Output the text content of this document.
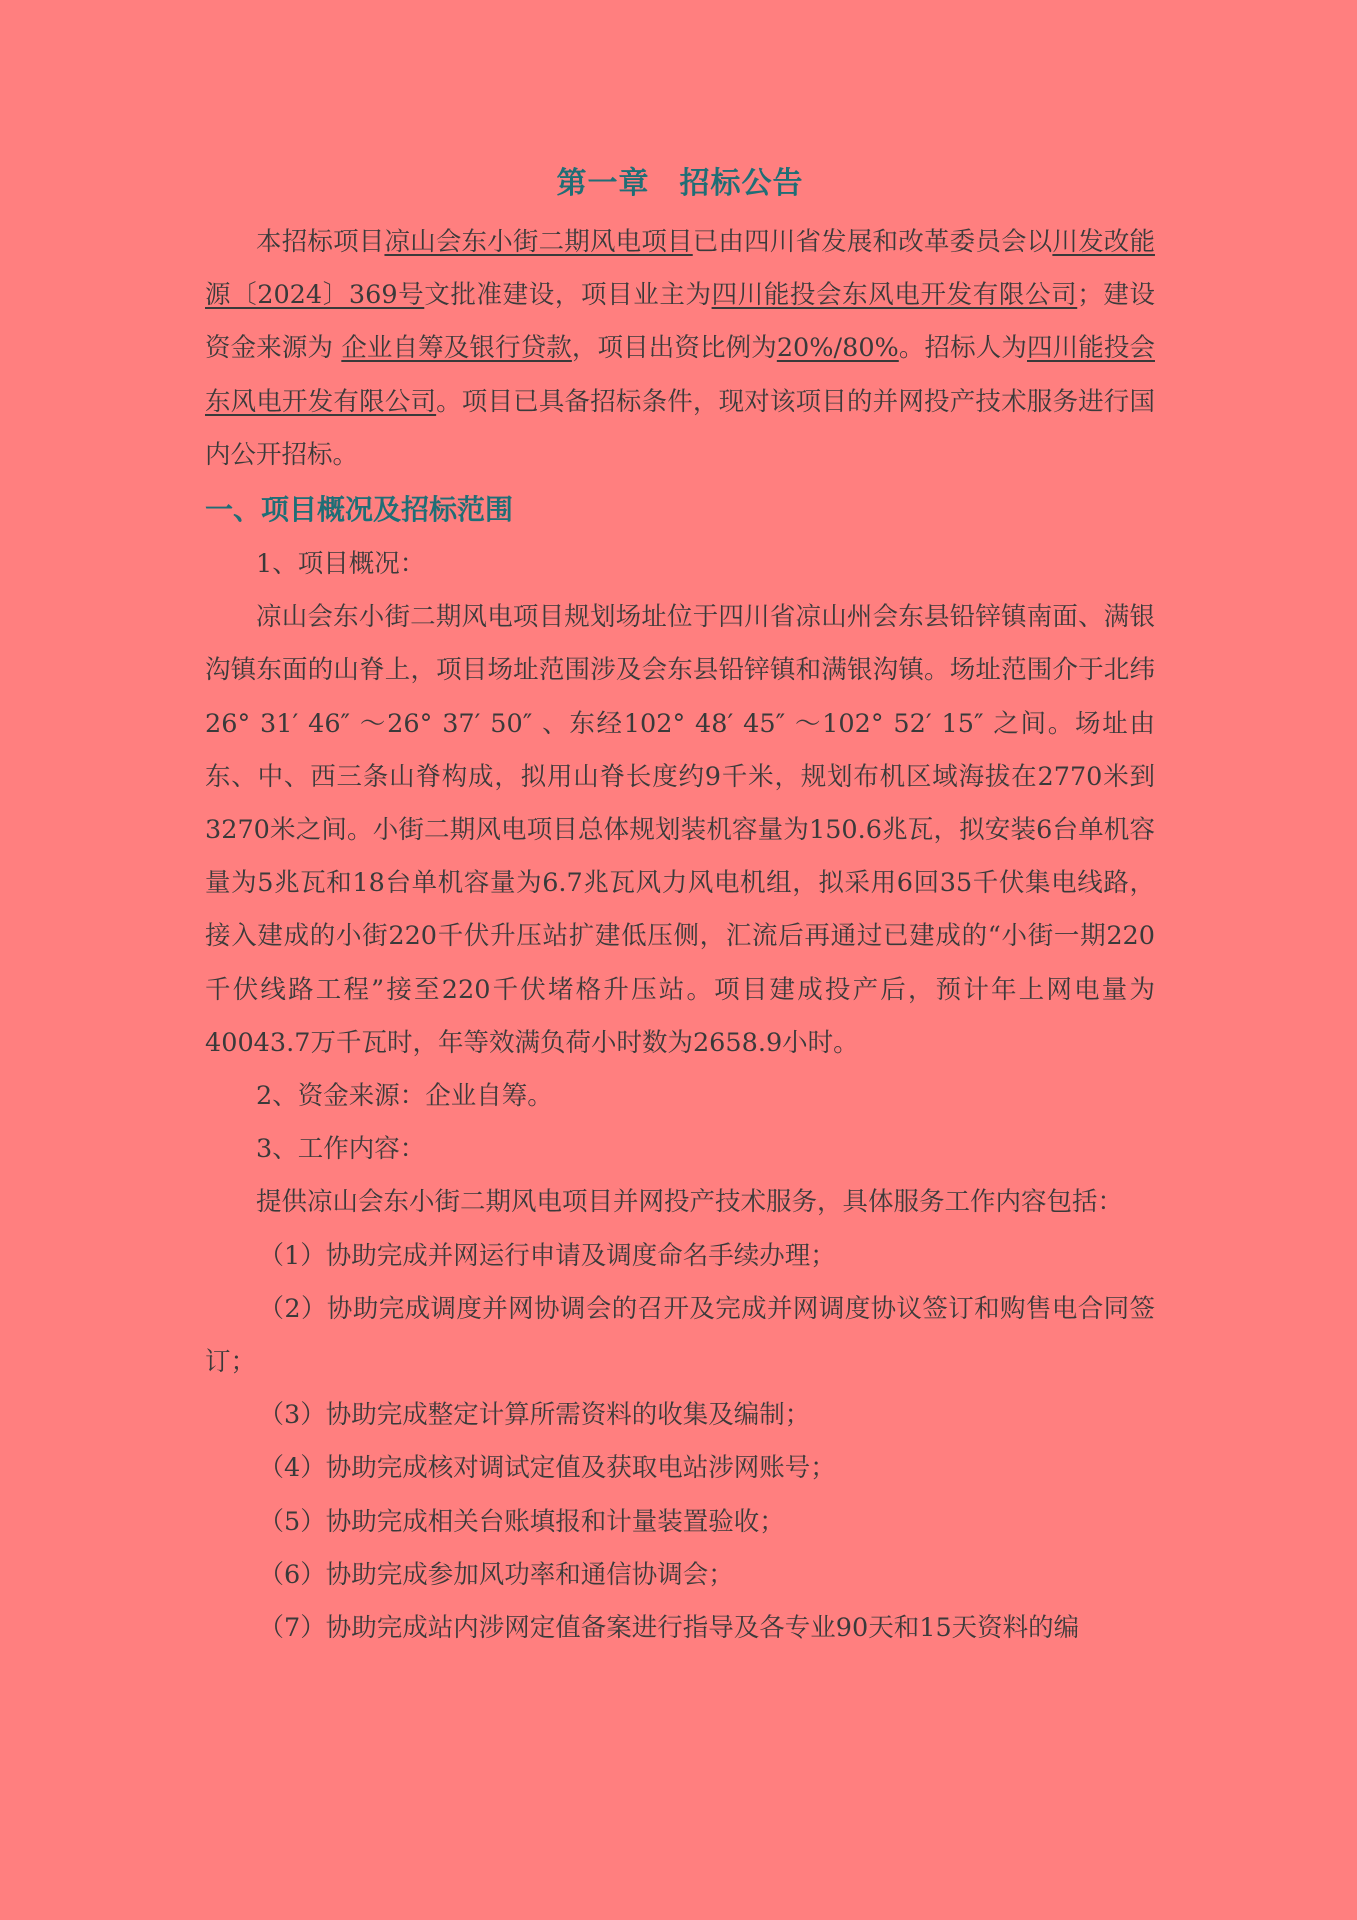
第一章 招标公告

本招标项目凉山会东小街二期风电项目已由四川省发展和改革委员会以川发改能源〔2024〕369号文批准建设，项目业主为四川能投会东风电开发有限公司；建设资金来源为 企业自筹及银行贷款，项目出资比例为20%/80%。招标人为四川能投会东风电开发有限公司。项目已具备招标条件，现对该项目的并网投产技术服务进行国内公开招标。

一、项目概况及招标范围

1、项目概况：

凉山会东小街二期风电项目规划场址位于四川省凉山州会东县铅锌镇南面、满银沟镇东面的山脊上，项目场址范围涉及会东县铅锌镇和满银沟镇。场址范围介于北纬26° 31′ 46″ ～26° 37′ 50″ 、东经102° 48′ 45″ ～102° 52′ 15″ 之间。场址由东、中、西三条山脊构成，拟用山脊长度约9千米，规划布机区域海拔在2770米到3270米之间。小街二期风电项目总体规划装机容量为150.6兆瓦，拟安装6台单机容量为5兆瓦和18台单机容量为6.7兆瓦风力风电机组，拟采用6回35千伏集电线路，接入建成的小街220千伏升压站扩建低压侧，汇流后再通过已建成的“小街一期220千伏线路工程”接至220千伏堵格升压站。项目建成投产后，预计年上网电量为40043.7万千瓦时，年等效满负荷小时数为2658.9小时。

2、资金来源：企业自筹。

3、工作内容：

提供凉山会东小街二期风电项目并网投产技术服务，具体服务工作内容包括：

（1）协助完成并网运行申请及调度命名手续办理；

（2）协助完成调度并网协调会的召开及完成并网调度协议签订和购售电合同签订；

（3）协助完成整定计算所需资料的收集及编制；

（4）协助完成核对调试定值及获取电站涉网账号；

（5）协助完成相关台账填报和计量装置验收；

（6）协助完成参加风功率和通信协调会；

（7）协助完成站内涉网定值备案进行指导及各专业90天和15天资料的编
